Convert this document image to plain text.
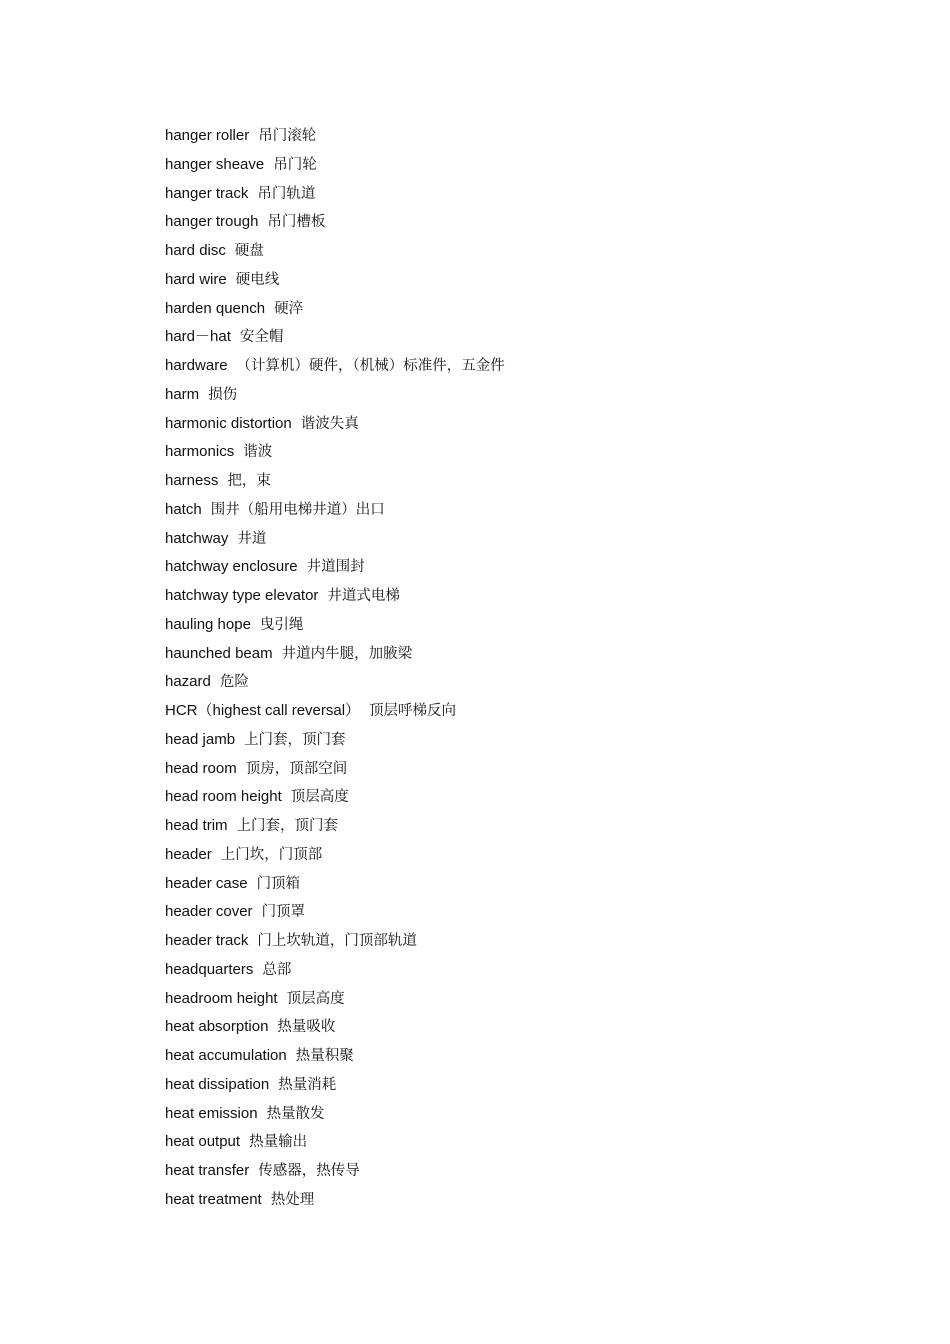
hanger roller 吊门滚轮
hanger sheave 吊门轮
hanger track 吊门轨道
hanger trough 吊门槽板
hard disc 硬盘
hard wire 硬电线
harden quench 硬淬
hard－hat 安全帽
hardware （计算机）硬件，（机械）标准件，五金件
harm 损伤
harmonic distortion 谐波失真
harmonics 谐波
harness 把，束
hatch 围井（船用电梯井道）出口
hatchway 井道
hatchway enclosure 井道围封
hatchway type elevator 井道式电梯
hauling hope 曳引绳
haunched beam 井道内牛腿，加腋梁
hazard 危险
HCR（highest call reversal） 顶层呼梯反向
head jamb 上门套，顶门套
head room 顶房，顶部空间
head room height 顶层高度
head trim 上门套，顶门套
header 上门坎，门顶部
header case 门顶箱
header cover 门顶罩
header track 门上坎轨道，门顶部轨道
headquarters 总部
headroom height 顶层高度
heat absorption 热量吸收
heat accumulation 热量积聚
heat dissipation 热量消耗
heat emission 热量散发
heat output 热量输出
heat transfer 传感器，热传导
heat treatment 热处理
